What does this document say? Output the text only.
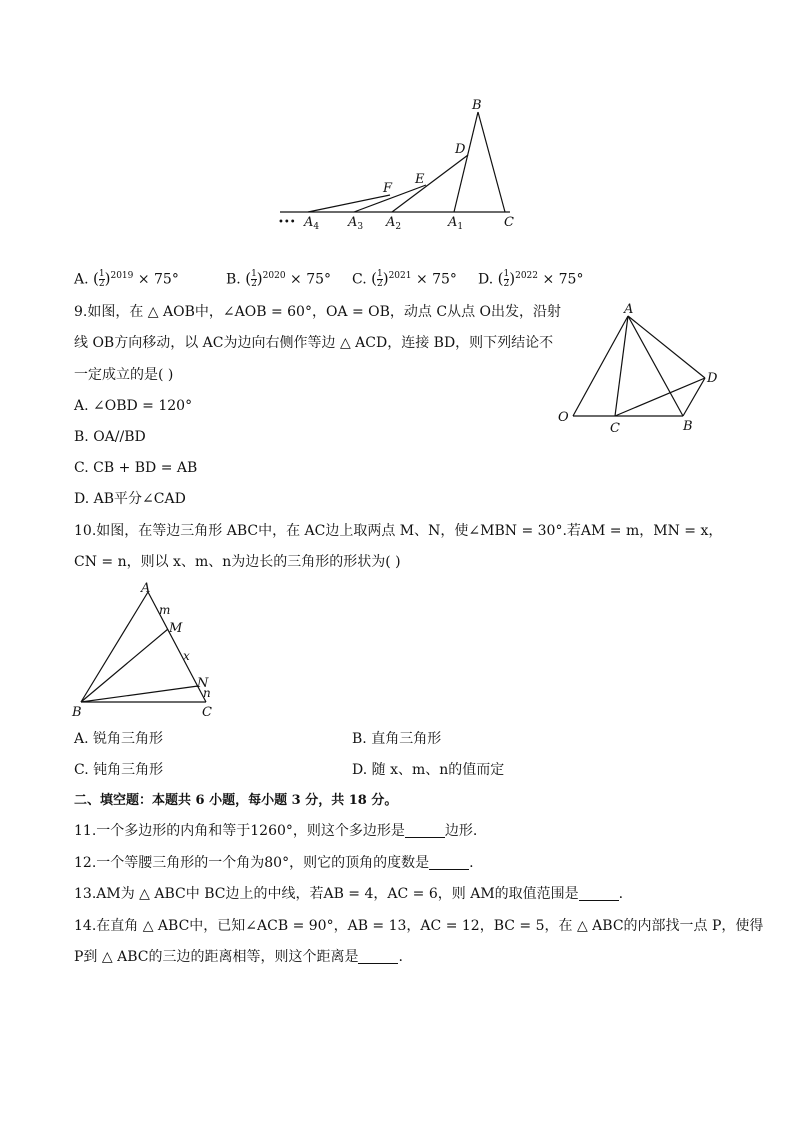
B
D
E
F
C
$A_1$
$A_2$
$A_3$
$A_4$
•••
A. ( $\frac{1}{2} )^{2019} \times 75^\circ$	B. ( $\frac{1}{2} )^{2020} \times 75^\circ$ C. ( $\frac{1}{2} )^{2021} \times 75^\circ$ D. ( $\frac{1}{2} )^{2022} \times 75^\circ$
9.如图，在 △ AOB中，∠AOB = 60°，OA = OB，动点 C从点 O出发，沿射
线 OB方向移动，以 AC为边向右侧作等边 △ ACD，连接 BD，则下列结论不
一定成立的是( )
A. ∠OBD = 120°
B. OA//BD
C. CB + BD = AB
D. AB平分∠CAD
A
O
C	B
D
10.如图，在等边三角形 ABC中，在 AC边上取两点 M、N，使∠MBN = 30°.若AM = m，MN = x，
CN = n，则以 x、m、n为边长的三角形的形状为( )
A
m
M
x
N
n
B	C
A. 锐角三角形	B. 直角三角形
C. 钝角三角形	D. 随 x、m、n的值而定
二、填空题：本题共 6 小题，每小题 3 分，共 18 分。
11.一个多边形的内角和等于1260°，则这个多边形是	边形.
12.一个等腰三角形的一个角为80°，则它的顶角的度数是	.
13.AM为 △ ABC中 BC边上的中线，若AB = 4，AC = 6，则 AM的取值范围是	.
14.在直角 △ ABC中，已知∠ACB = 90°，AB = 13，AC = 12，BC = 5，在 △ ABC的内部找一点 P，使得
P到 △ ABC的三边的距离相等，则这个距离是	.
